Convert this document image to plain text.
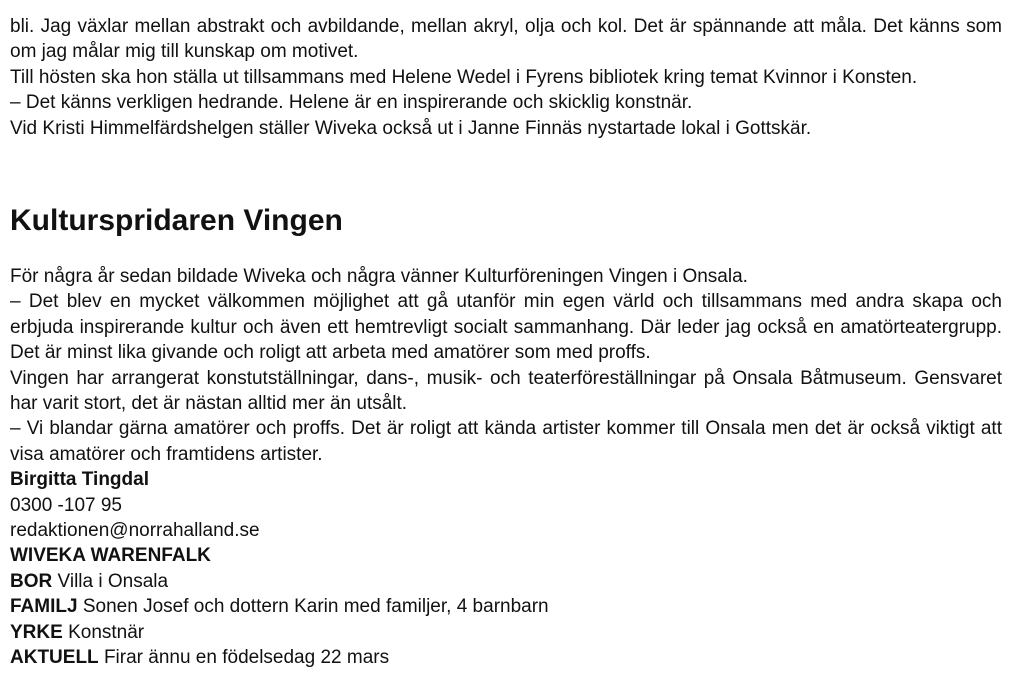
bli. Jag växlar mellan abstrakt och avbildande, mellan akryl, olja och kol. Det är spännande att måla. Det känns som om jag målar mig till kunskap om motivet.

Till hösten ska hon ställa ut tillsammans med Helene Wedel i Fyrens bibliotek kring temat Kvinnor i Konsten.

– Det känns verkligen hedrande. Helene är en inspirerande och skicklig konstnär.

Vid Kristi Himmelfärdshelgen ställer Wiveka också ut i Janne Finnäs nystartade lokal i Gottskär.

Kulturspridaren Vingen

För några år sedan bildade Wiveka och några vänner Kulturföreningen Vingen i Onsala.

– Det blev en mycket välkommen möjlighet att gå utanför min egen värld och tillsammans med andra skapa och erbjuda inspirerande kultur och även ett hemtrevligt socialt sammanhang. Där leder jag också en amatörteatergrupp. Det är minst lika givande och roligt att arbeta med amatörer som med proffs.

Vingen har arrangerat konstutställningar, dans-, musik- och teaterföreställningar på Onsala Båtmuseum. Gensvaret har varit stort, det är nästan alltid mer än utsålt.

– Vi blandar gärna amatörer och proffs. Det är roligt att kända artister kommer till Onsala men det är också viktigt att visa amatörer och framtidens artister.

Birgitta Tingdal

0300 -107 95

redaktionen@norrahalland.se

WIVEKA WARENFALK

BOR Villa i Onsala

FAMILJ Sonen Josef och dottern Karin med familjer, 4 barnbarn

YRKE Konstnär

AKTUELL Firar ännu en födelsedag 22 mars
